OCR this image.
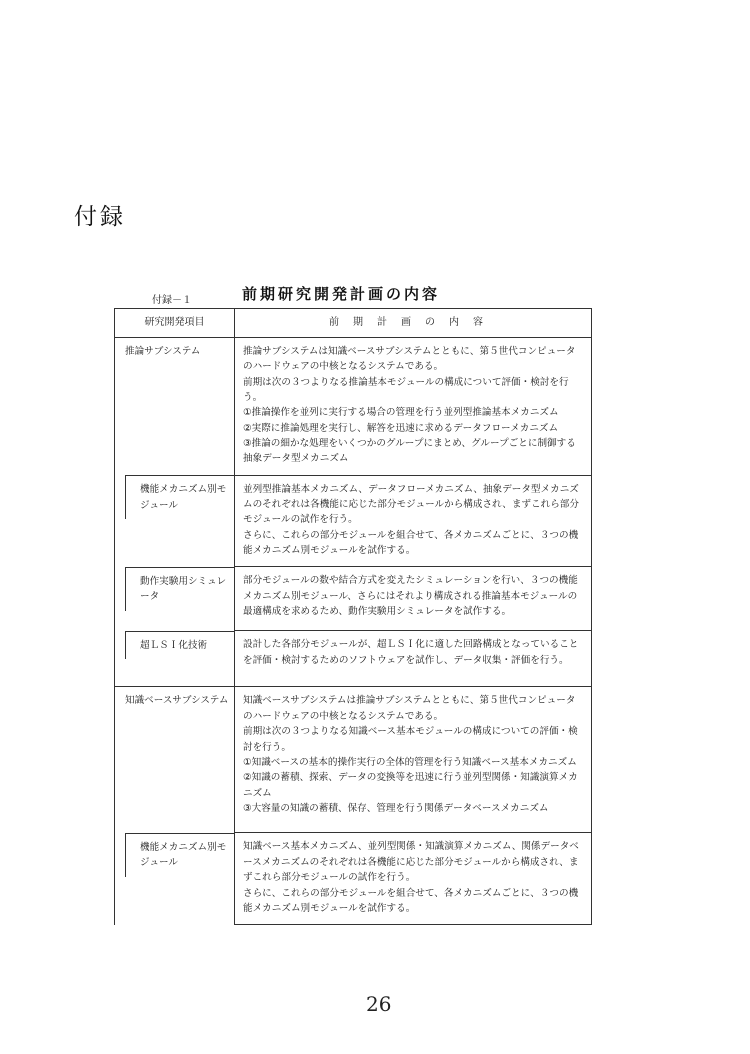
付録
付録－１	前期研究開発計画の内容
研究開発項目	前期計画の内容

推論サブシステム	推論サブシステムは知識ベースサブシステムとともに、第５世代コンピュータのハードウェアの中核となるシステムである。

前期は次の３つよりなる推論基本モジュールの構成について評価・検討を行う。

①推論操作を並列に実行する場合の管理を行う並列型推論基本メカニズム

②実際に推論処理を実行し、解答を迅速に求めるデータフローメカニズム

③推論の細かな処理をいくつかのグループにまとめ、グループごとに制御する抽象データ型メカニズム

機能メカニズム別モジュール	並列型推論基本メカニズム、データフローメカニズム、抽象データ型メカニズムのそれぞれは各機能に応じた部分モジュールから構成され、まずこれら部分モジュールの試作を行う。

さらに、これらの部分モジュールを組合せて、各メカニズムごとに、３つの機能メカニズム別モジュールを試作する。

動作実験用シミュレータ	部分モジュールの数や結合方式を変えたシミュレーションを行い、３つの機能メカニズム別モジュール、さらにはそれより構成される推論基本モジュールの最適構成を求めるため、動作実験用シミュレータを試作する。

超ＬＳＩ化技術	設計した各部分モジュールが、超ＬＳＩ化に適した回路構成となっていることを評価・検討するためのソフトウェアを試作し、データ収集・評価を行う。

知識ベースサブシステム	知識ベースサブシステムは推論サブシステムとともに、第５世代コンピュータのハードウェアの中核となるシステムである。

前期は次の３つよりなる知識ベース基本モジュールの構成についての評価・検討を行う。

①知識ベースの基本的操作実行の全体的管理を行う知識ベース基本メカニズム

②知識の蓄積、探索、データの変換等を迅速に行う並列型関係・知識演算メカニズム

③大容量の知識の蓄積、保存、管理を行う関係データベースメカニズム

機能メカニズム別モジュール	知識ベース基本メカニズム、並列型関係・知識演算メカニズム、関係データベースメカニズムのそれぞれは各機能に応じた部分モジュールから構成され、まずこれら部分モジュールの試作を行う。

さらに、これらの部分モジュールを組合せて、各メカニズムごとに、３つの機能メカニズム別モジュールを試作する。

26
